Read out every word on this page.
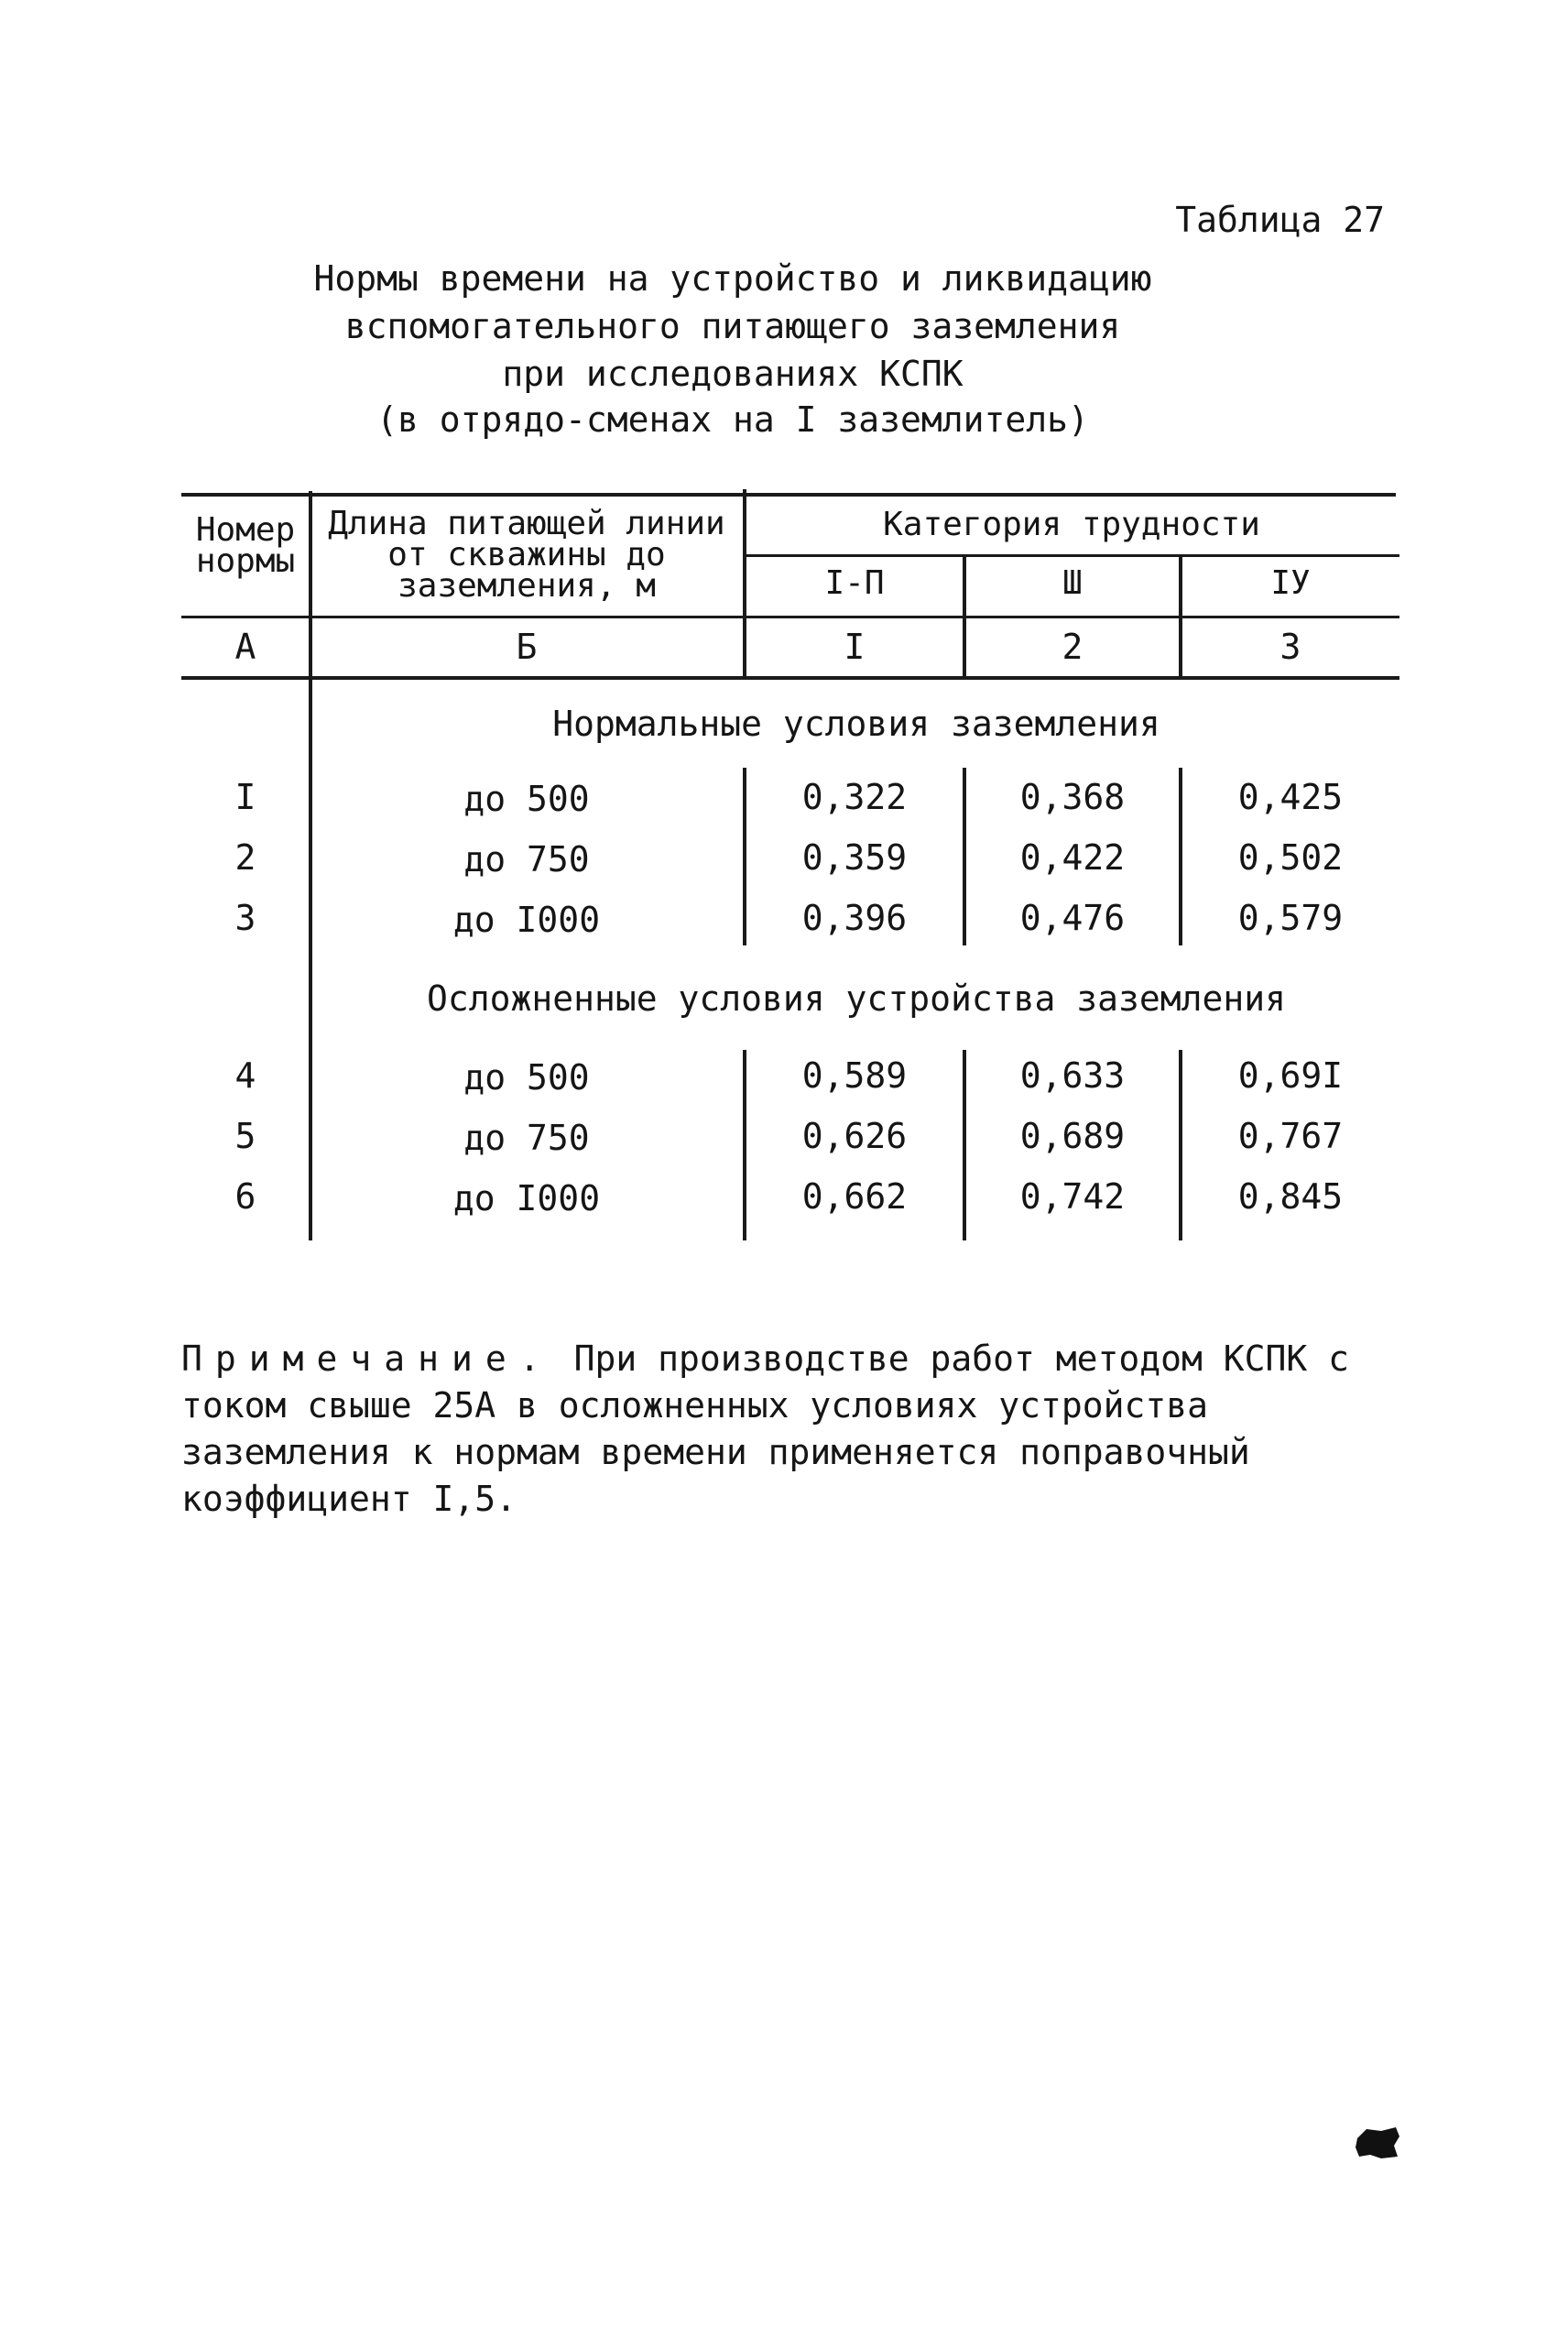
Таблица 27
Нормы времени на устройство и ликвидацию
вспомогательного питающего заземления
при исследованиях КСПК
(в отрядо-сменах на I заземлитель)
Номер
нормы
Длина питающей линии
от скважины до
заземления, м
Категория трудности
I-П	Ш	IУ
А	Б	I	2	3
Нормальные условия заземления
I	до 500	0,322	0,368	0,425
2	до 750	0,359	0,422	0,502
3	до I000	0,396	0,476	0,579
Осложненные условия устройства заземления
4	до 500	0,589	0,633	0,69I
5	до 750	0,626	0,689	0,767
6	до I000	0,662	0,742	0,845
Примечание. При производстве работ методом КСПК с током свыше 25А в осложненных условиях устройства заземления к нормам времени применяется поправочный коэффициент I,5.
